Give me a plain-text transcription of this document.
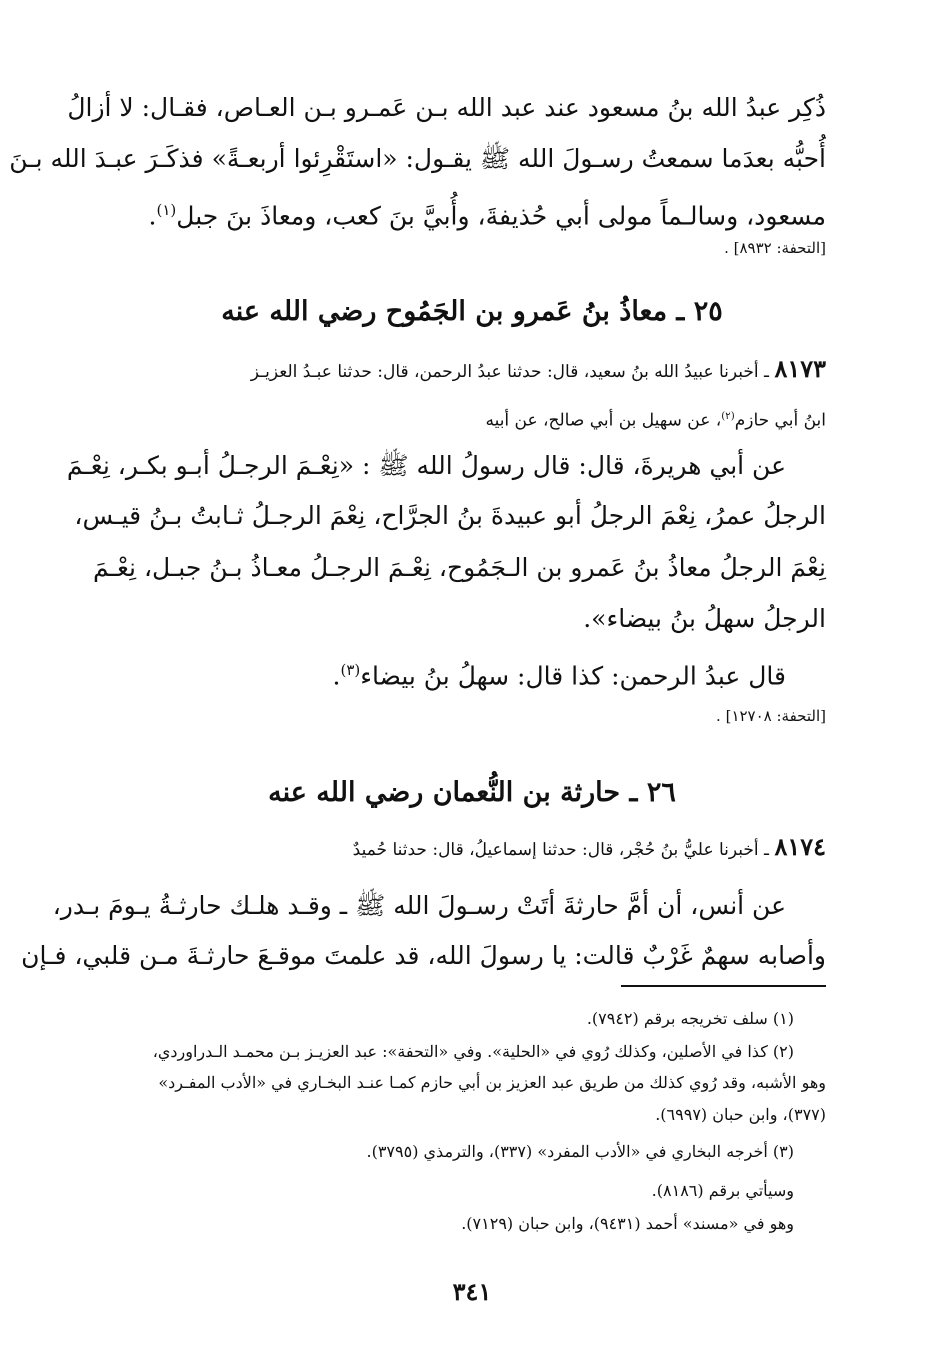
ذُكِر عبدُ الله بنُ مسعود عند عبد الله بـن عَمـرو بـن العـاص، فقـال: لا أزالُ
أُحبُّه بعدَما سمعتُ رسـولَ الله ﷺ يقـول: «استَقْرِئوا أربعـةً» فذكَـرَ عبـدَ الله بـنَ
مسعود، وسالـماً مولى أبي حُذيفةَ، وأُبيَّ بنَ كعب، ومعاذَ بنَ جبل$^{(١)}$.
[التحفة: ٨٩٣٢] .
٢٥ ـ معاذُ بنُ عَمرو بن الجَمُوح رضي الله عنه
٨١٧٣ ـ أخبرنا عبيدُ الله بنُ سعيد، قال: حدثنا عبدُ الرحمن، قال: حدثنا عبـدُ العزيـز
ابنُ أبي حازم$^{(٢)}$، عن سهيل بن أبي صالح، عن أبيه
عن أبي هريرةَ، قال: قال رسولُ الله ﷺ : «نِعْـمَ الرجـلُ أبـو بكـر، نِعْـمَ
الرجلُ عمرُ، نِعْمَ الرجلُ أبو عبيدةَ بنُ الجرَّاح، نِعْمَ الرجـلُ ثـابتُ بـنُ قيـس،
نِعْمَ الرجلُ معاذُ بنُ عَمرو بن الـجَمُوح، نِعْـمَ الرجـلُ معـاذُ بـنُ جبـل، نِعْـمَ
الرجلُ سهلُ بنُ بيضاء».
قال عبدُ الرحمن: كذا قال: سهلُ بنُ بيضاء$^{(٣)}$.
[التحفة: ١٢٧٠٨] .
٢٦ ـ حارثة بن النُّعمان رضي الله عنه
٨١٧٤ ـ أخبرنا عليُّ بنُ حُجْر، قال: حدثنا إسماعيلُ، قال: حدثنا حُميدٌ
عن أنس، أن أمَّ حارثةَ أتَتْ رسـولَ الله ﷺ ـ وقـد هلـك حارثـةُ يـومَ بـدر،
وأصابه سهمٌ غَرْبٌ قالت: يا رسولَ الله، قد علمتَ موقـعَ حارثـةَ مـن قلبي، فـإن
(١) سلف تخريجه برقم (٧٩٤٢).
(٢) كذا في الأصلين، وكذلك رُوي في «الحلية». وفي «التحفة»: عبد العزيـز بـن محمـد الـدراوردي،
وهو الأشبه، وقد رُوي كذلك من طريق عبد العزيز بن أبي حازم كمـا عنـد البخـاري في «الأدب المفـرد»
(٣٧٧)، وابن حبان (٦٩٩٧).
(٣) أخرجه البخاري في «الأدب المفرد» (٣٣٧)، والترمذي (٣٧٩٥).
وسيأتي برقم (٨١٨٦).
وهو في «مسند» أحمد (٩٤٣١)، وابن حبان (٧١٢٩).
٣٤١
